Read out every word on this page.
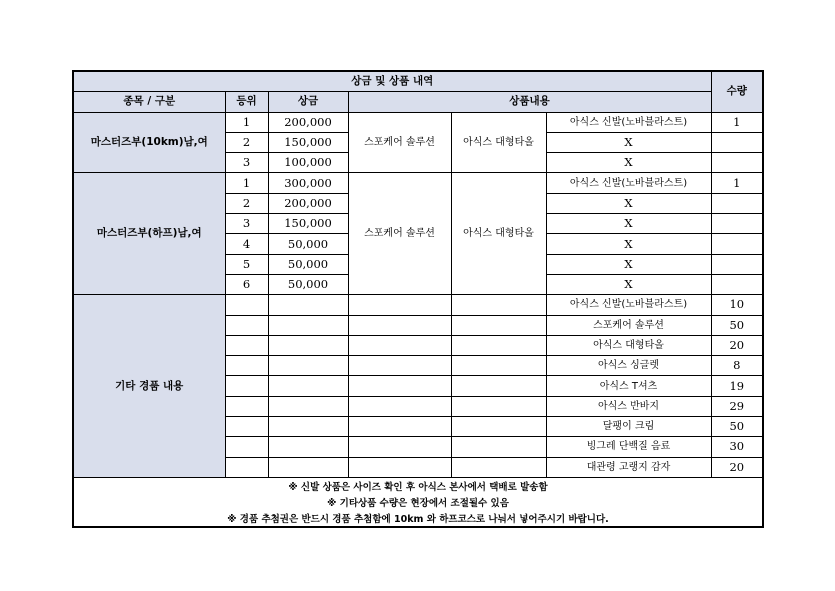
상금 및 상품 내역						수량
종목 / 구분	등위	상금	상품내용			
마스터즈부(10km)남,여	1	200,000	스포케어 솔루션	아식스 대형타올	아식스 신발(노바블라스트)	1
	2	150,000			X	
	3	100,000			X	
마스터즈부(하프)남,여	1	300,000	스포케어 솔루션	아식스 대형타올	아식스 신발(노바블라스트)	1
	2	200,000			X	
	3	150,000			X	
	4	50,000			X	
	5	50,000			X	
	6	50,000			X	
기타 경품 내용					아식스 신발(노바블라스트)	10
					스포케어 솔루션	50
					아식스 대형타올	20
					아식스 싱글렛	8
					아식스 T셔츠	19
					아식스 반바지	29
					달팽이 크림	50
					빙그레 단백질 음료	30
					대관령 고랭지 감자	20

※ 신발 상품은 사이즈 확인 후 아식스 본사에서 택배로 발송함
※ 기타상품 수량은 현장에서 조절될수 있음
※ 경품 추첨권은 반드시 경품 추첨함에 10km 와 하프코스로 나눠서 넣어주시기 바랍니다.						
